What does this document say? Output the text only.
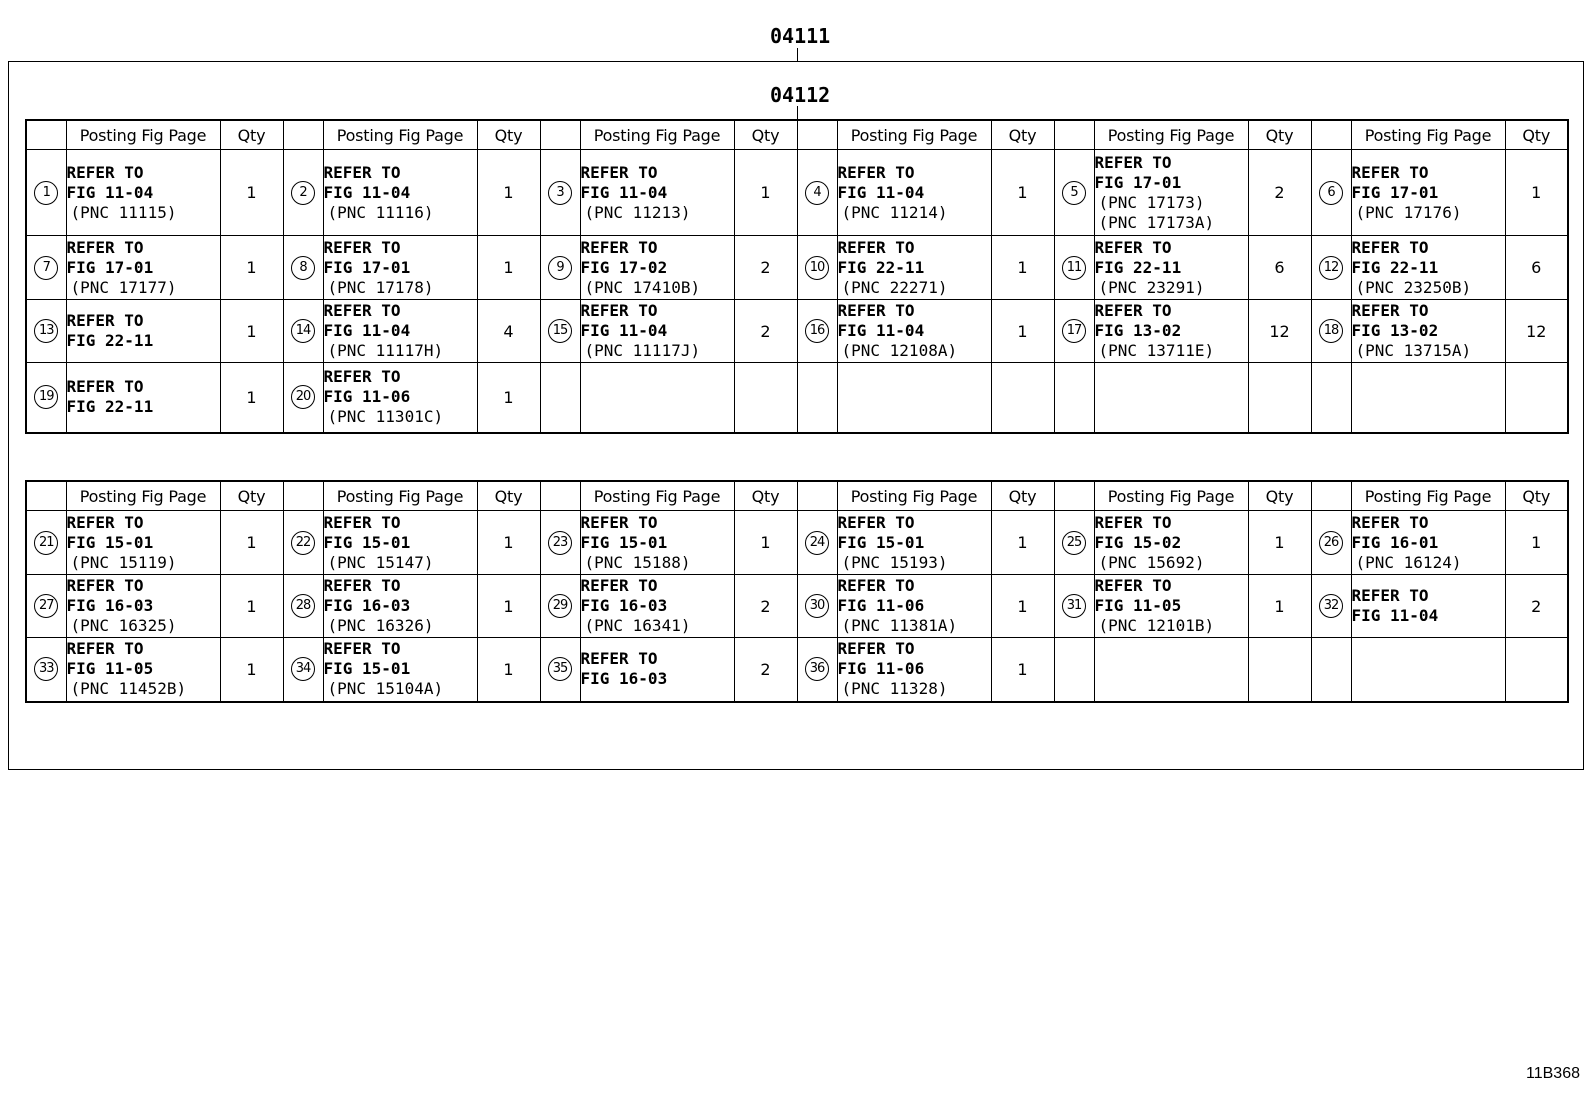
04111
04112
	Posting Fig Page	Qty		Posting Fig Page	Qty		Posting Fig Page	Qty		Posting Fig Page	Qty		Posting Fig Page	Qty		Posting Fig Page	Qty
1	REFER TO
FIG 11-04
(PNC 11115)	1	2	REFER TO
FIG 11-04
(PNC 11116)	1	3	REFER TO
FIG 11-04
(PNC 11213)	1	4	REFER TO
FIG 11-04
(PNC 11214)	1	5	REFER TO
FIG 17-01
(PNC 17173)
(PNC 17173A)	2	6	REFER TO
FIG 17-01
(PNC 17176)	1
7	REFER TO
FIG 17-01
(PNC 17177)	1	8	REFER TO
FIG 17-01
(PNC 17178)	1	9	REFER TO
FIG 17-02
(PNC 17410B)	2	10	REFER TO
FIG 22-11
(PNC 22271)	1	11	REFER TO
FIG 22-11
(PNC 23291)	6	12	REFER TO
FIG 22-11
(PNC 23250B)	6
13	REFER TO
FIG 22-11	1	14	REFER TO
FIG 11-04
(PNC 11117H)	4	15	REFER TO
FIG 11-04
(PNC 11117J)	2	16	REFER TO
FIG 11-04
(PNC 12108A)	1	17	REFER TO
FIG 13-02
(PNC 13711E)	12	18	REFER TO
FIG 13-02
(PNC 13715A)	12
19	REFER TO
FIG 22-11	1	20	REFER TO
FIG 11-06
(PNC 11301C)	1												
	Posting Fig Page	Qty		Posting Fig Page	Qty		Posting Fig Page	Qty		Posting Fig Page	Qty		Posting Fig Page	Qty		Posting Fig Page	Qty
21	REFER TO
FIG 15-01
(PNC 15119)	1	22	REFER TO
FIG 15-01
(PNC 15147)	1	23	REFER TO
FIG 15-01
(PNC 15188)	1	24	REFER TO
FIG 15-01
(PNC 15193)	1	25	REFER TO
FIG 15-02
(PNC 15692)	1	26	REFER TO
FIG 16-01
(PNC 16124)	1
27	REFER TO
FIG 16-03
(PNC 16325)	1	28	REFER TO
FIG 16-03
(PNC 16326)	1	29	REFER TO
FIG 16-03
(PNC 16341)	2	30	REFER TO
FIG 11-06
(PNC 11381A)	1	31	REFER TO
FIG 11-05
(PNC 12101B)	1	32	REFER TO
FIG 11-04	2
33	REFER TO
FIG 11-05
(PNC 11452B)	1	34	REFER TO
FIG 15-01
(PNC 15104A)	1	35	REFER TO
FIG 16-03	2	36	REFER TO
FIG 11-06
(PNC 11328)	1						
11B368
